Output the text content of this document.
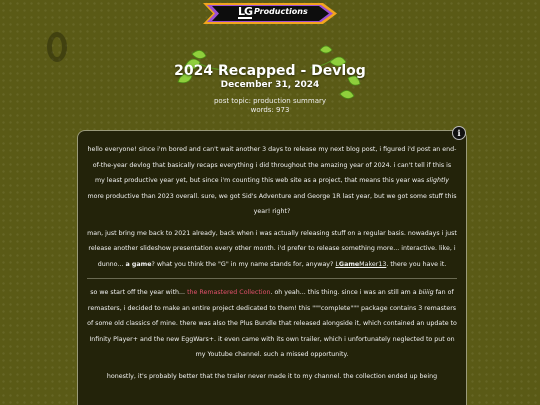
LG Productions
2024 Recapped - Devlog
December 31, 2024
post topic: production summary
words: 973

hello everyone! since i'm bored and can't wait another 3 days to release my next blog post, i figured i'd post an end-of-the-year devlog that basically recaps everything i did throughout the amazing year of 2024. i can't tell if this is my least productive year yet, but since i'm counting this web site as a project, that means this year was slightly more productive than 2023 overall. sure, we got Sid's Adventure and George 1R last year, but we got some stuff this year! right?

man, just bring me back to 2021 already, back when i was actually releasing stuff on a regular basis. nowadays i just release another slideshow presentation every other month. i'd prefer to release something more... interactive. like, i dunno... a game? what you think the "G" in my name stands for, anyway? LGameMaker13. there you have it.

so we start off the year with... the Remastered Collection. oh yeah... this thing. since i was an still am a biiiig fan of remasters, i decided to make an entire project dedicated to them! this """complete""" package contains 3 remasters of some old classics of mine. there was also the Plus Bundle that released alongside it, which contained an update to Infinity Player+ and the new EggWars+. it even came with its own trailer, which i unfortunately neglected to put on my Youtube channel. such a missed opportunity.

honestly, it's probably better that the trailer never made it to my channel. the collection ended up being

i
